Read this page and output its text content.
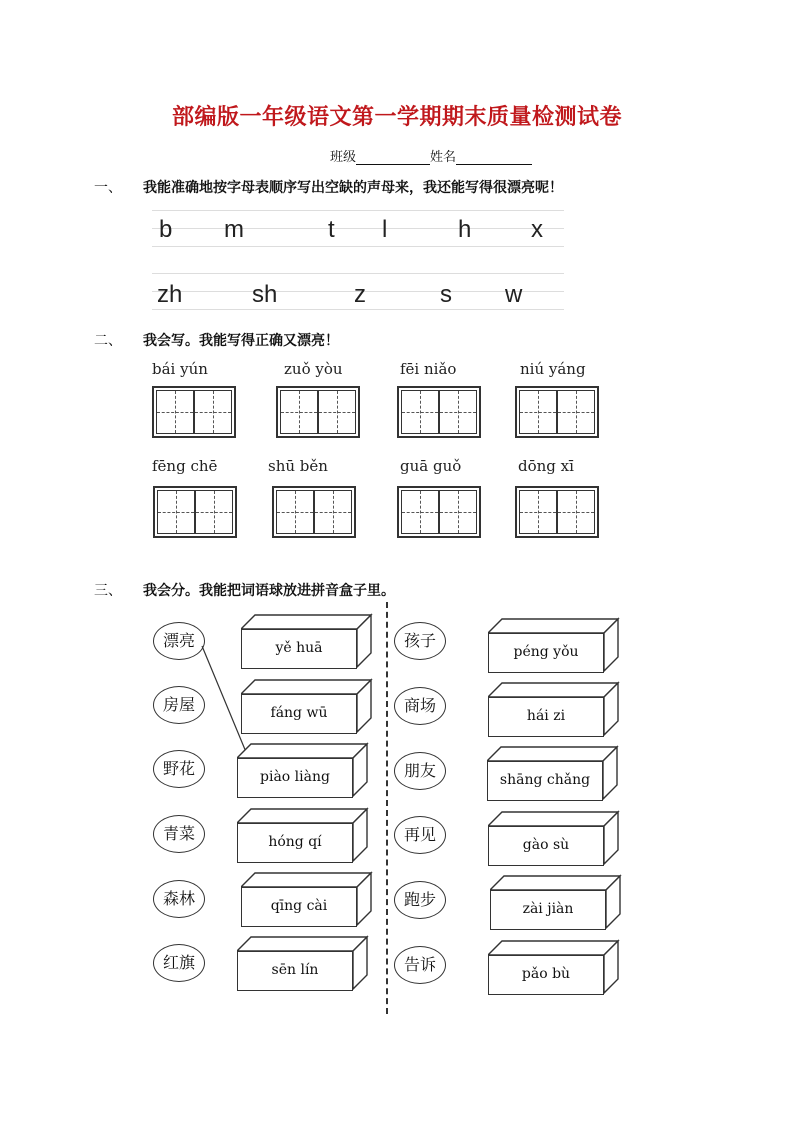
部编版一年级语文第一学期期末质量检测试卷
班级	姓名
一、 我能准确地按字母表顺序写出空缺的声母来，我还能写得很漂亮呢！
b m	t l	h x
zh	sh	z	s w
二、 我会写。我能写得正确又漂亮！
bái yún	zuǒ yòu	fēi niǎo	niú yáng
fēng chē	shū běn	guā guǒ	dōng xī
三、 我会分。我能把词语球放进拼音盒子里。
漂亮
房屋
野花
青菜
森林
红旗
孩子
商场
朋友
再见
跑步
告诉
yě huā
fáng wū
piào liàng
hóng qí
qīng cài
sēn lín
péng yǒu
hái zi
shāng chǎng
gào sù
zài jiàn
pǎo bù
